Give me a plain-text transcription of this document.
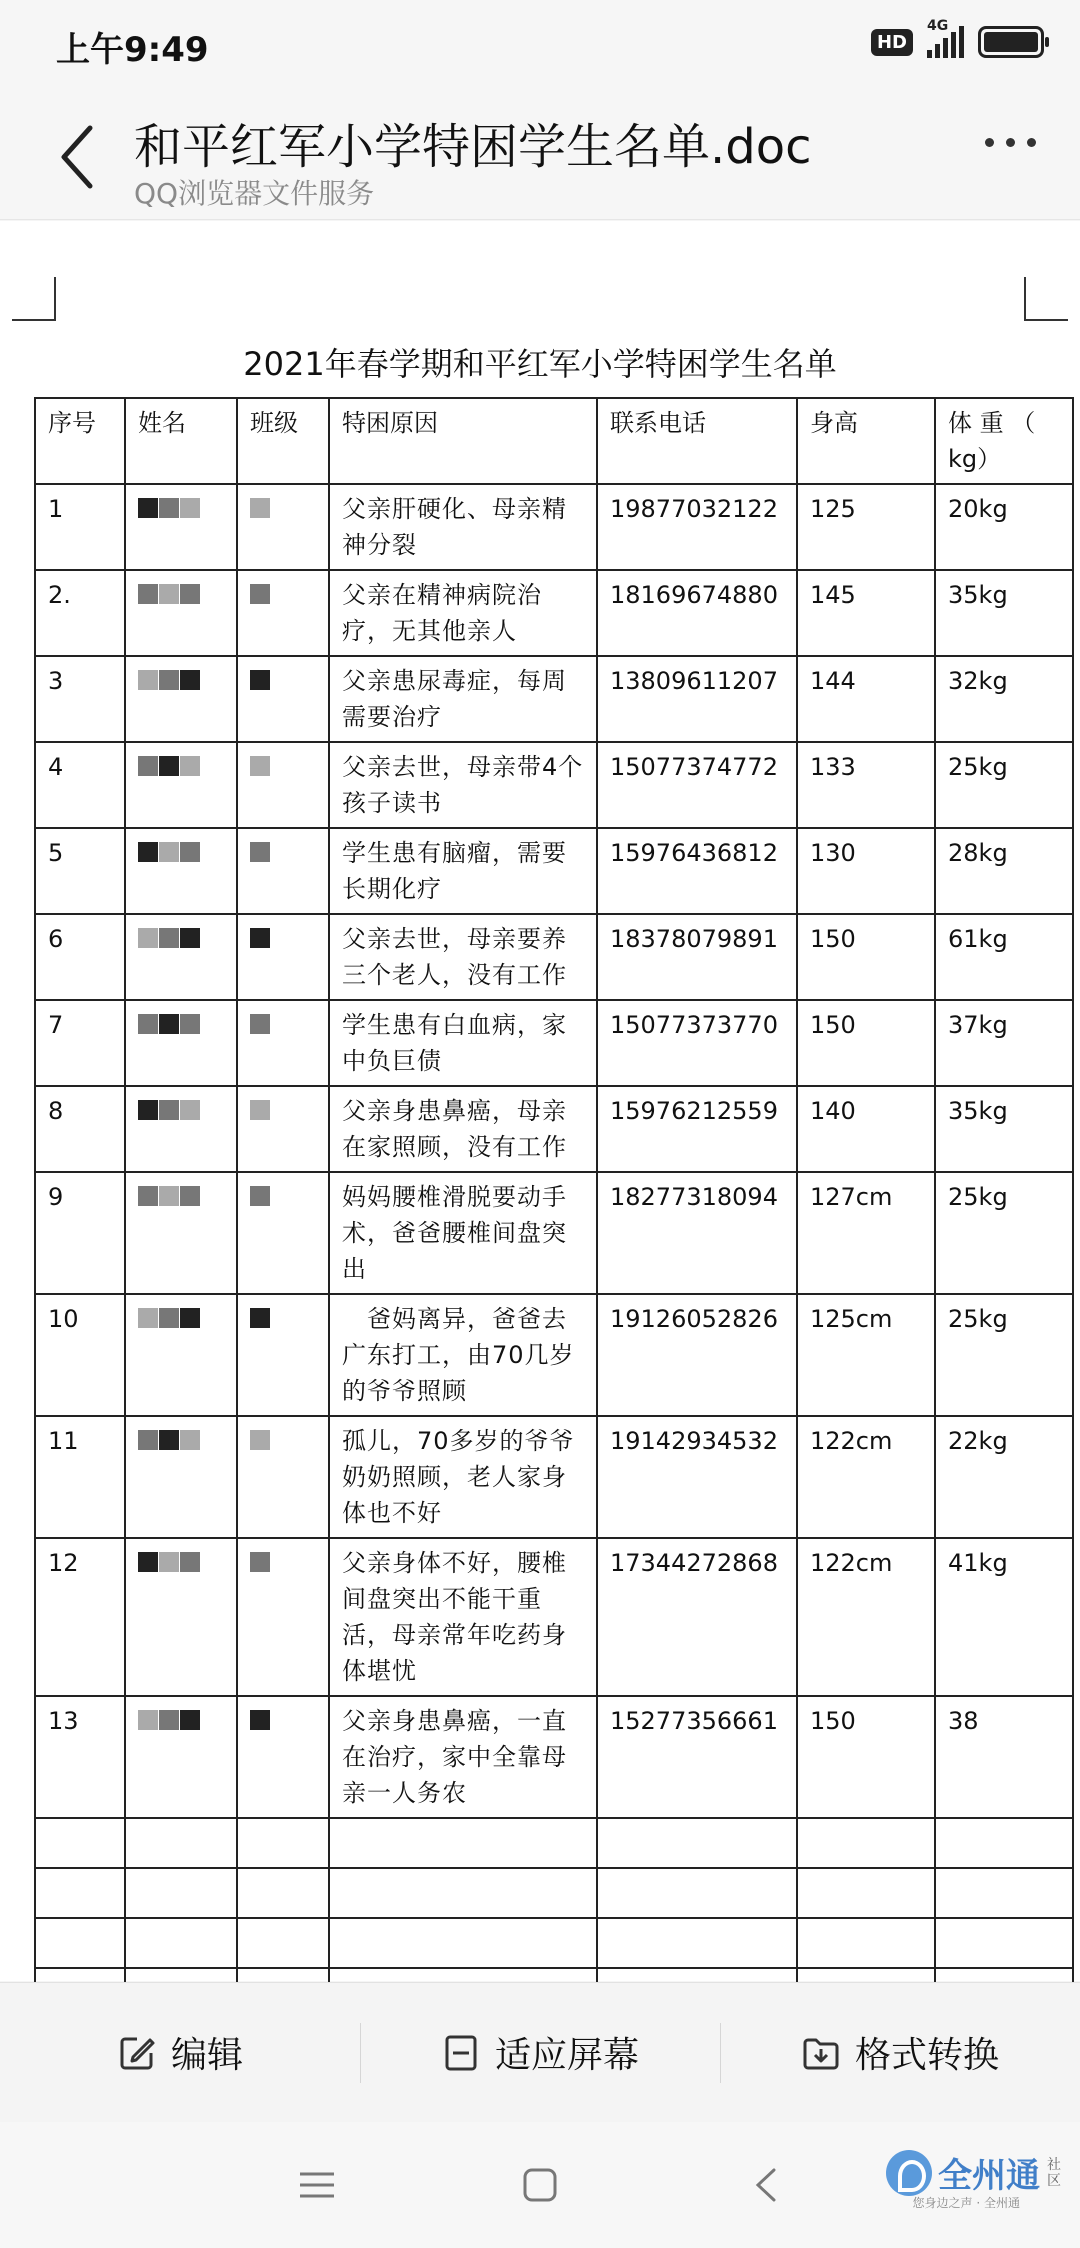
上午9:49	HD
4G
和平红军小学特困学生名单.doc
QQ浏览器文件服务
2021年春学期和平红军小学特困学生名单
序号	姓名	班级	特困原因	联系电话	身高	体 重 （ kg）
1			父亲肝硬化、母亲精神分裂	19877032122	125	20kg
2.			父亲在精神病院治疗，无其他亲人	18169674880	145	35kg
3			父亲患尿毒症，每周需要治疗	13809611207	144	32kg
4			父亲去世，母亲带4个孩子读书	15077374772	133	25kg
5			学生患有脑瘤，需要长期化疗	15976436812	130	28kg
6			父亲去世，母亲要养三个老人，没有工作	18378079891	150	61kg
7			学生患有白血病，家中负巨债	15077373770	150	37kg
8			父亲身患鼻癌，母亲在家照顾，没有工作	15976212559	140	35kg
9			妈妈腰椎滑脱要动手术，爸爸腰椎间盘突出	18277318094	127cm	25kg
10			　爸妈离异，爸爸去广东打工，由70几岁的爷爷照顾	19126052826	125cm	25kg
11			孤儿，70多岁的爷爷奶奶照顾，老人家身体也不好	19142934532	122cm	22kg
12			父亲身体不好，腰椎间盘突出不能干重活，母亲常年吃药身体堪忧	17344272868	122cm	41kg
13			父亲身患鼻癌，一直在治疗，家中全靠母亲一人务农	15277356661	150	38

编辑	适应屏幕	格式转换
全州通 社区
您身边之声 · 全州通
